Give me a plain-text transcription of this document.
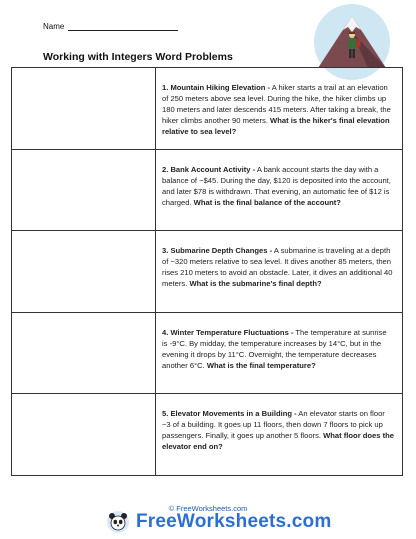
Name
Working with Integers Word Problems
1. Mountain Hiking Elevation - A hiker starts a trail at an elevation of 250 meters above sea level. During the hike, the hiker climbs up 180 meters and later descends 415 meters. After taking a break, the hiker climbs another 90 meters. What is the hiker's final elevation relative to sea level?
2. Bank Account Activity - A bank account starts the day with a balance of −$45. During the day, $120 is deposited into the account, and later $78 is withdrawn. That evening, an automatic fee of $12 is charged. What is the final balance of the account?
3. Submarine Depth Changes - A submarine is traveling at a depth of −320 meters relative to sea level. It dives another 85 meters, then rises 210 meters to avoid an obstacle. Later, it dives an additional 40 meters. What is the submarine's final depth?
4. Winter Temperature Fluctuations - The temperature at sunrise is -9°C. By midday, the temperature increases by 14°C, but in the evening it drops by 11°C. Overnight, the temperature decreases another 6°C. What is the final temperature?
5. Elevator Movements in a Building - An elevator starts on floor −3 of a building. It goes up 11 floors, then down 7 floors to pick up passengers. Finally, it goes up another 5 floors. What floor does the elevator end on?
© FreeWorksheets.com
FreeWorksheets.com
